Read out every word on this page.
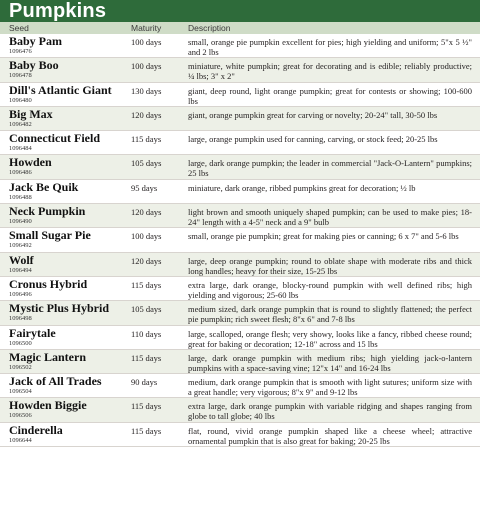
Pumpkins
Seed	Maturity	Description
Baby Pam
1096476
100 days	small, orange pie pumpkin excellent for pies; high yielding and uniform; 5"x 5 ½" and 2 lbs
Baby Boo
1096478
100 days	miniature, white pumpkin; great for decorating and is edible; reliably productive; ¼ lbs; 3" x 2"
Dill's Atlantic Giant
1096480
130 days	giant, deep round, light orange pumpkin; great for contests or showing; 100-600 lbs
Big Max
1096482
120 days	giant, orange pumpkin great for carving or novelty; 20-24" tall, 30-50 lbs
Connecticut Field
1096484
115 days	large, orange pumpkin used for canning, carving, or stock feed; 20-25 lbs
Howden
1096486
105 days	large, dark orange pumpkin; the leader in commercial "Jack-O-Lantern" pumpkins; 25 lbs
Jack Be Quik
1096488
95 days	miniature, dark orange, ribbed pumpkins great for decoration; ½ lb
Neck Pumpkin
1096490
120 days	light brown and smooth uniquely shaped pumpkin; can be used to make pies; 18-24" length with a 4-5" neck and a 9" bulb
Small Sugar Pie
1096492
100 days	small, orange pie pumpkin; great for making pies or canning; 6 x 7" and 5-6 lbs
Wolf
1096494
120 days	large, deep orange pumpkin; round to oblate shape with moderate ribs and thick long handles; heavy for their size, 15-25 lbs
Cronus Hybrid
1096496
115 days	extra large, dark orange, blocky-round pumpkin with well defined ribs; high yielding and vigorous; 25-60 lbs
Mystic Plus Hybrid
1096498
105 days	medium sized, dark orange pumpkin that is round to slightly flattened; the perfect pie pumpkin; rich sweet flesh; 8"x 6" and 7-8 lbs
Fairytale
1096500
110 days	large, scalloped, orange flesh; very showy, looks like a fancy, ribbed cheese round; great for baking or decoration; 12-18" across and 15 lbs
Magic Lantern
1096502
115 days	large, dark orange pumpkin with medium ribs; high yielding jack-o-lantern pumpkins with a space-saving vine; 12"x 14" and 16-24 lbs
Jack of All Trades
1096504
90 days	medium, dark orange pumpkin that is smooth with light sutures; uniform size with a great handle; very vigorous; 8"x 9" and 9-12 lbs
Howden Biggie
1096506
115 days	extra large, dark orange pumpkin with variable ridging and shapes ranging from globe to tall globe; 40 lbs
Cinderella
1096644
115 days	flat, round, vivid orange pumpkin shaped like a cheese wheel; attractive ornamental pumpkin that is also great for baking; 20-25 lbs
